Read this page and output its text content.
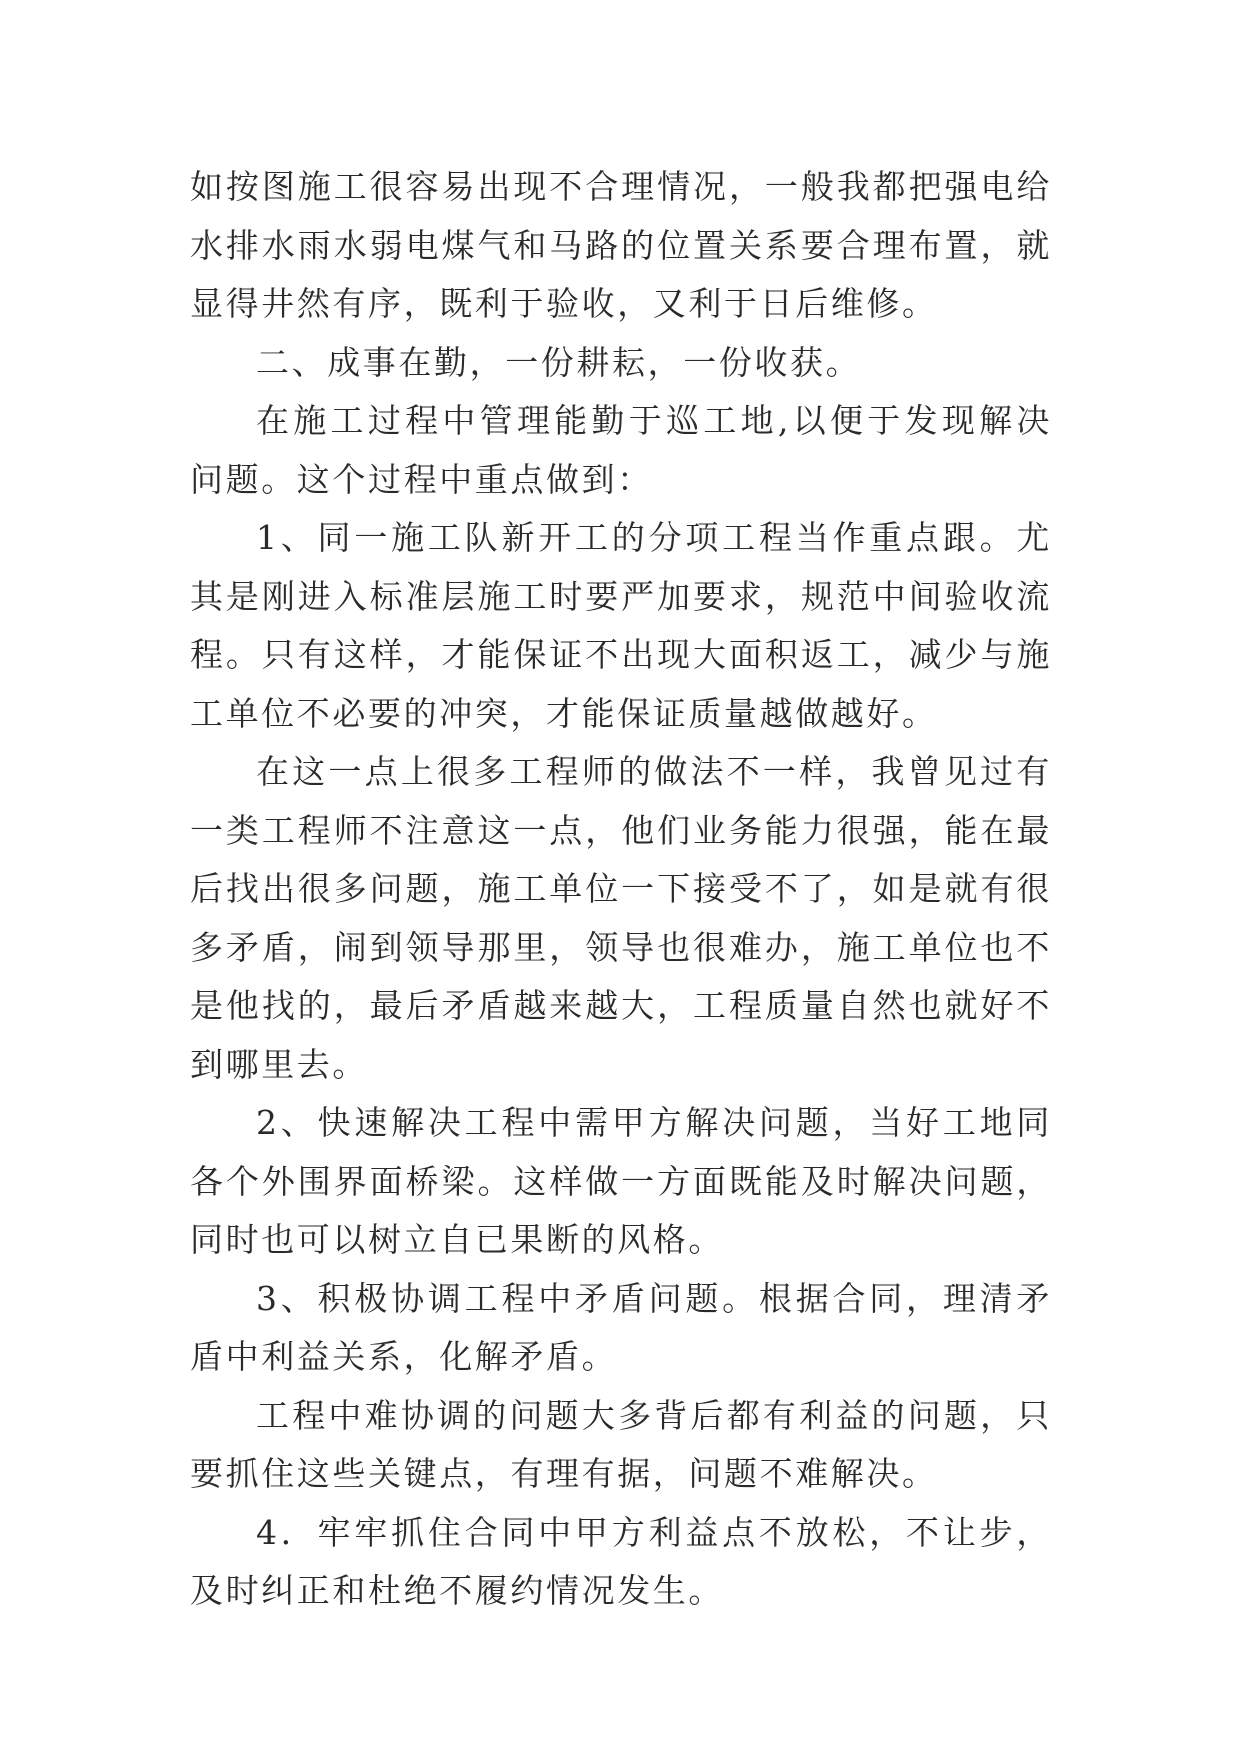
如按图施工很容易出现不合理情况，一般我都把强电给水排水雨水弱电煤气和马路的位置关系要合理布置，就显得井然有序，既利于验收，又利于日后维修。

二、成事在勤，一份耕耘，一份收获。

在施工过程中管理能勤于巡工地,以便于发现解决问题。这个过程中重点做到：

1、同一施工队新开工的分项工程当作重点跟。尤其是刚进入标准层施工时要严加要求，规范中间验收流程。只有这样，才能保证不出现大面积返工，减少与施工单位不必要的冲突，才能保证质量越做越好。

在这一点上很多工程师的做法不一样，我曾见过有一类工程师不注意这一点，他们业务能力很强，能在最后找出很多问题，施工单位一下接受不了，如是就有很多矛盾，闹到领导那里，领导也很难办，施工单位也不是他找的，最后矛盾越来越大，工程质量自然也就好不到哪里去。

2、快速解决工程中需甲方解决问题，当好工地同各个外围界面桥梁。这样做一方面既能及时解决问题，同时也可以树立自已果断的风格。

3、积极协调工程中矛盾问题。根据合同，理清矛盾中利益关系，化解矛盾。

工程中难协调的问题大多背后都有利益的问题，只要抓住这些关键点，有理有据，问题不难解决。

4．牢牢抓住合同中甲方利益点不放松，不让步，及时纠正和杜绝不履约情况发生。
